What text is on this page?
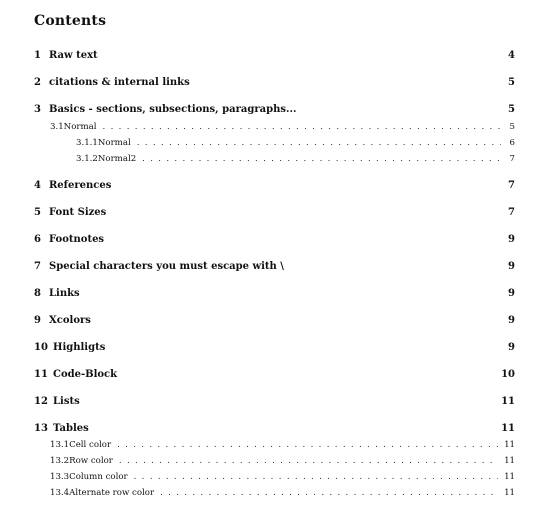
Contents
1 Raw text	4
2 citations & internal links	5
3 Basics - sections, subsections, paragraphs...	5
3.1 Normal . . .	5
3.1.1 Normal . . .	6
3.1.2 Normal2 . . .	7
4 References	7
5 Font Sizes	7
6 Footnotes	9
7 Special characters you must escape with \	9
8 Links	9
9 Xcolors	9
10 Highligts	9
11 Code-Block	10
12 Lists	11
13 Tables	11
13.1 Cell color . . .	11
13.2 Row color . . .	11
13.3 Column color . . .	11
13.4 Alternate row color . . .	11
